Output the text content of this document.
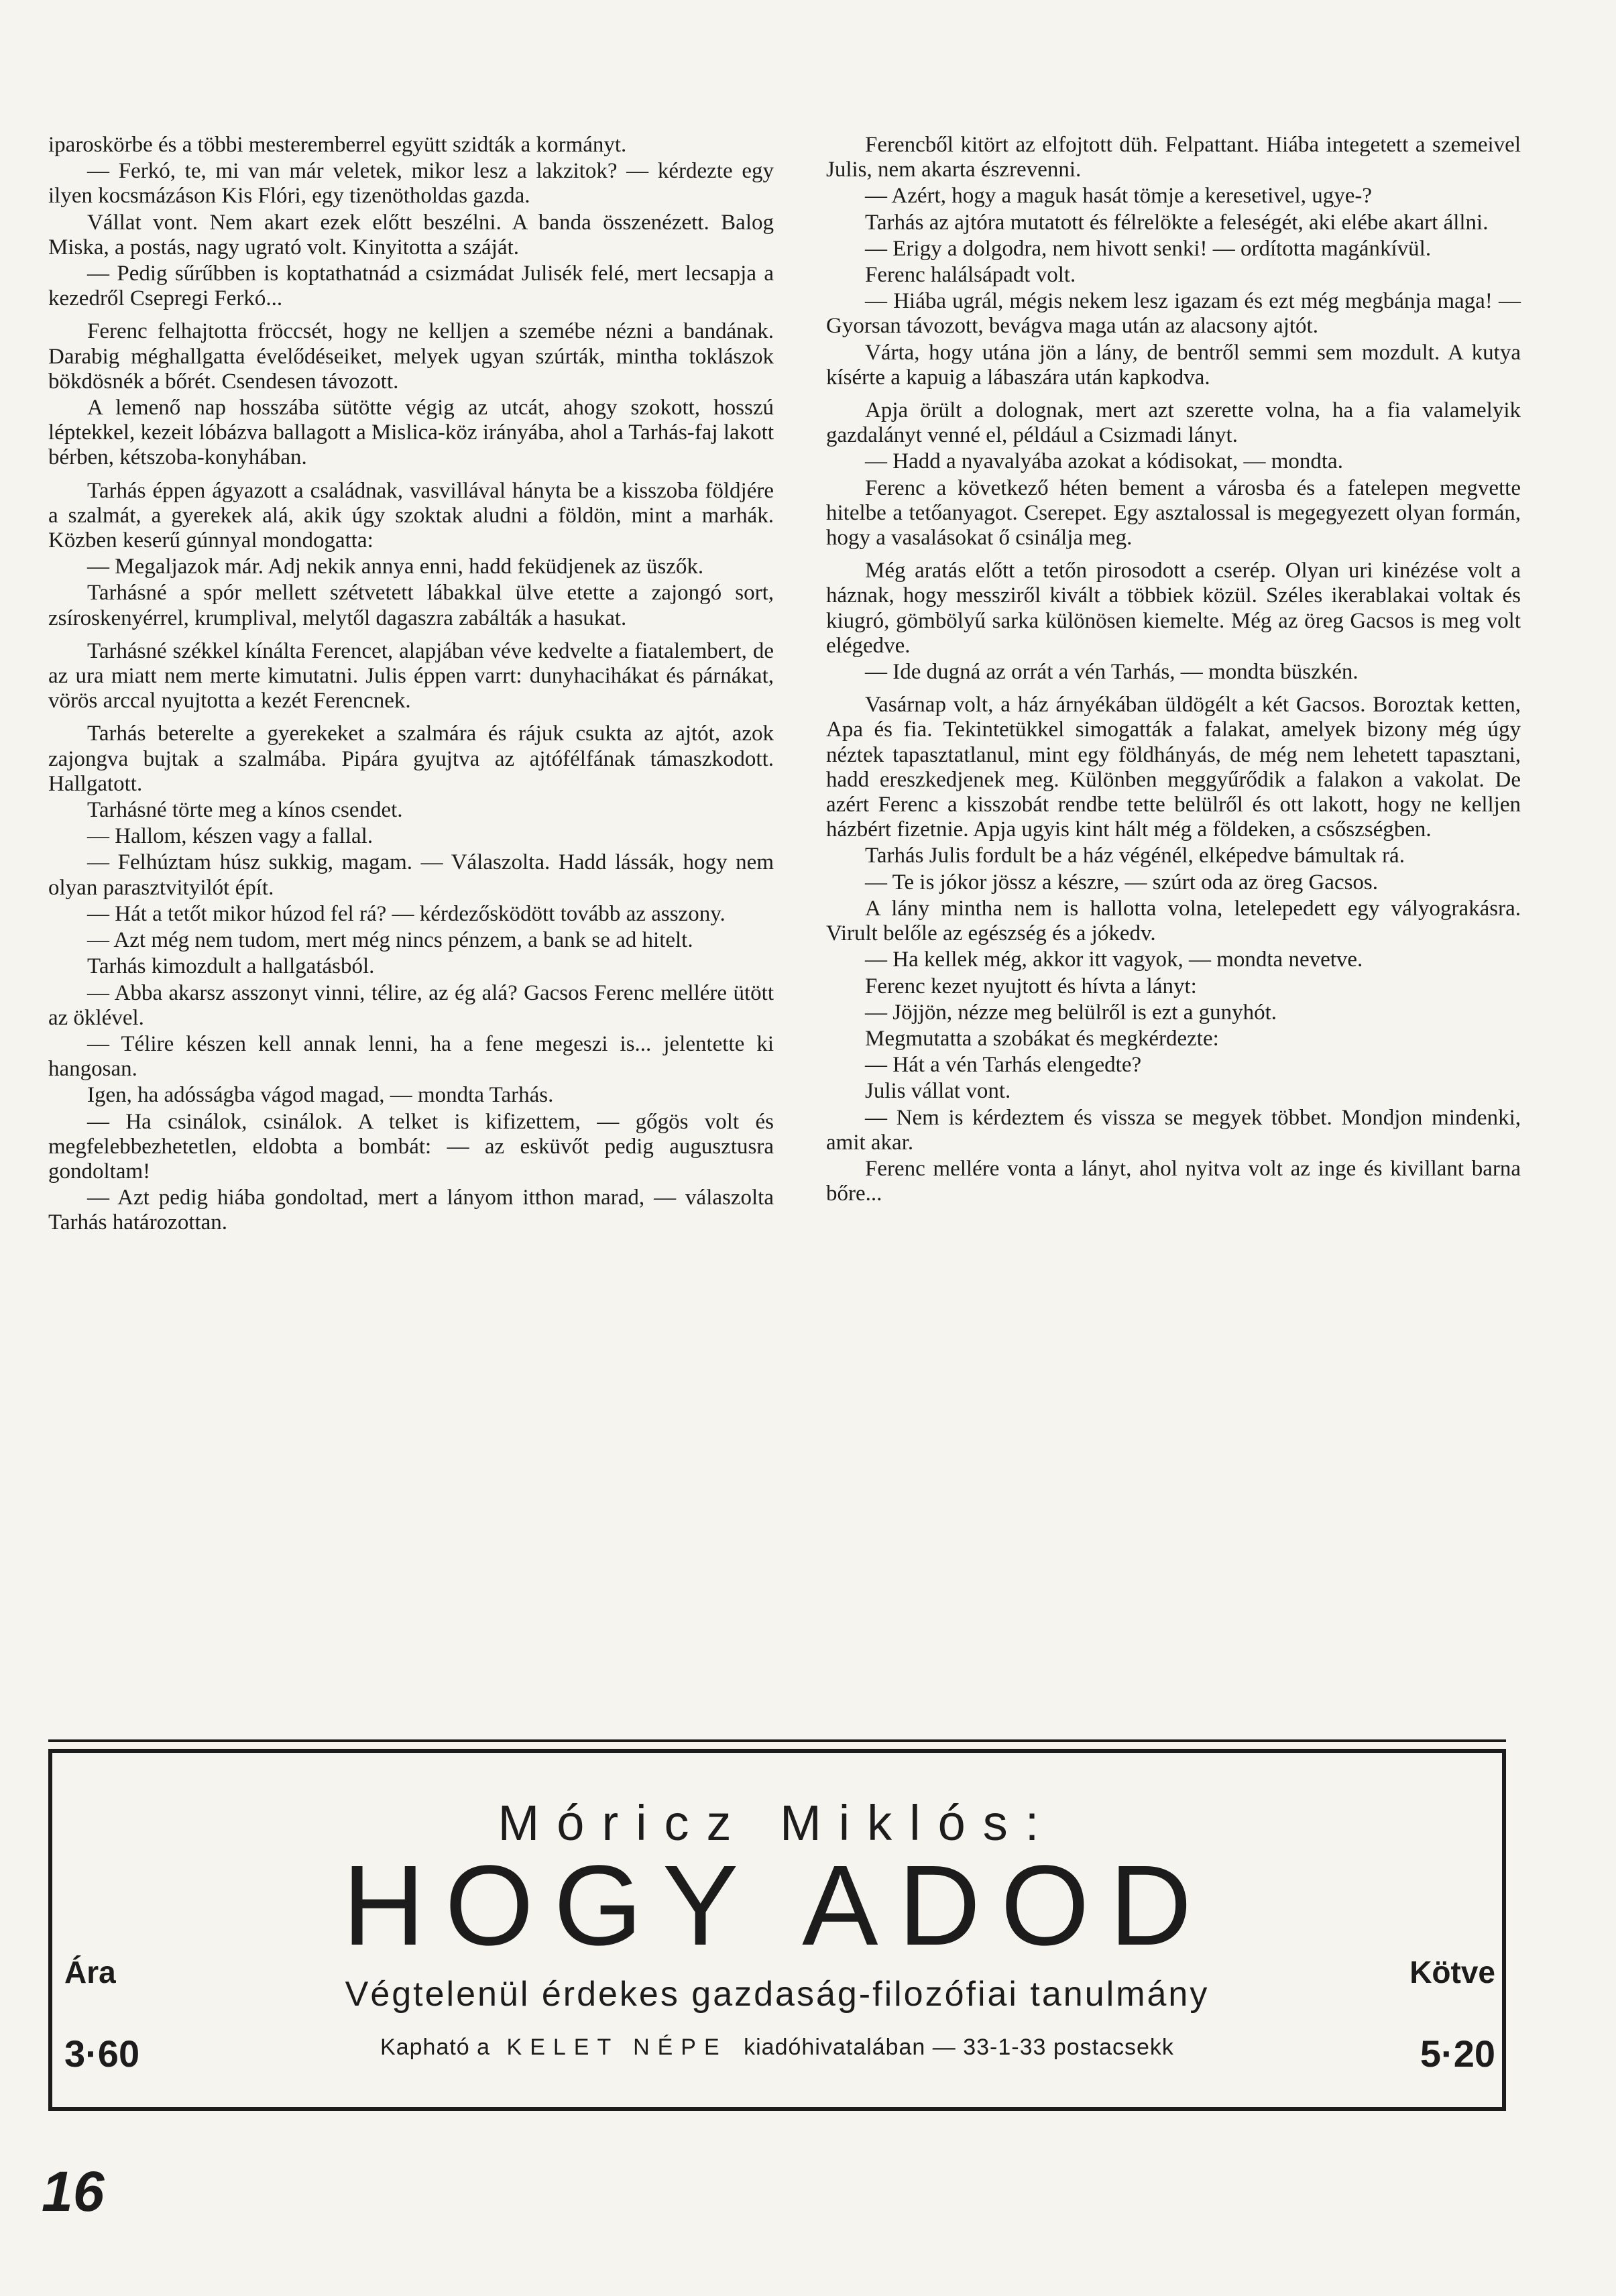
iparoskörbe és a többi mesteremberrel együtt szidták a kormányt.

— Ferkó, te, mi van már veletek, mikor lesz a lakzitok? — kérdezte egy ilyen kocsmázáson Kis Flóri, egy tizenötholdas gazda.

Vállat vont. Nem akart ezek előtt beszélni. A banda összenézett. Balog Miska, a postás, nagy ugrató volt. Kinyitotta a száját.

— Pedig sűrűbben is koptathatnád a csizmádat Julisék felé, mert lecsapja a kezedről Csepregi Ferkó...

Ferenc felhajtotta fröccsét, hogy ne kelljen a szemébe nézni a bandának. Darabig méghallgatta évelődéseiket, melyek ugyan szúrták, mintha toklászok bökdösnék a bőrét. Csendesen távozott.

A lemenő nap hosszába sütötte végig az utcát, ahogy szokott, hosszú léptekkel, kezeit lóbázva ballagott a Mislica-köz irányába, ahol a Tarhás-faj lakott bérben, kétszoba-konyhában.

Tarhás éppen ágyazott a családnak, vasvillával hányta be a kisszoba földjére a szalmát, a gyerekek alá, akik úgy szoktak aludni a földön, mint a marhák. Közben keserű gúnnyal mondogatta:

— Megaljazok már. Adj nekik annya enni, hadd feküdjenek az üszők.

Tarhásné a spór mellett szétvetett lábakkal ülve etette a zajongó sort, zsíroskenyérrel, krumplival, melytől dagaszra zabálták a hasukat.

Tarhásné székkel kínálta Ferencet, alapjában véve kedvelte a fiatalembert, de az ura miatt nem merte kimutatni. Julis éppen varrt: dunyhacihákat és párnákat, vörös arccal nyujtotta a kezét Ferencnek.

Tarhás beterelte a gyerekeket a szalmára és rájuk csukta az ajtót, azok zajongva bujtak a szalmába. Pipára gyujtva az ajtófélfának támaszkodott. Hallgatott.

Tarhásné törte meg a kínos csendet.

— Hallom, készen vagy a fallal.

— Felhúztam húsz sukkig, magam. — Válaszolta. Hadd lássák, hogy nem olyan parasztvityilót épít.

— Hát a tetőt mikor húzod fel rá? — kérdezősködött tovább az asszony.

— Azt még nem tudom, mert még nincs pénzem, a bank se ad hitelt.

Tarhás kimozdult a hallgatásból.

— Abba akarsz asszonyt vinni, télire, az ég alá? Gacsos Ferenc mellére ütött az öklével.

— Télire készen kell annak lenni, ha a fene megeszi is... jelentette ki hangosan.

Igen, ha adósságba vágod magad, — mondta Tarhás.

— Ha csinálok, csinálok. A telket is kifizettem, — gőgös volt és megfelebbezhetetlen, eldobta a bombát: — az esküvőt pedig augusztusra gondoltam!

— Azt pedig hiába gondoltad, mert a lányom itthon marad, — válaszolta Tarhás határozottan.

Ferencből kitört az elfojtott düh. Felpattant. Hiába integetett a szemeivel Julis, nem akarta észrevenni.

— Azért, hogy a maguk hasát tömje a keresetivel, ugye-?

Tarhás az ajtóra mutatott és félrelökte a feleségét, aki elébe akart állni.

— Erigy a dolgodra, nem hivott senki! — ordította magánkívül.

Ferenc halálsápadt volt.

— Hiába ugrál, mégis nekem lesz igazam és ezt még megbánja maga! — Gyorsan távozott, bevágva maga után az alacsony ajtót.

Várta, hogy utána jön a lány, de bentről semmi sem mozdult. A kutya kísérte a kapuig a lábaszára után kapkodva.

Apja örült a dolognak, mert azt szerette volna, ha a fia valamelyik gazdalányt venné el, például a Csizmadi lányt.

— Hadd a nyavalyába azokat a kódisokat, — mondta.

Ferenc a következő héten bement a városba és a fatelepen megvette hitelbe a tetőanyagot. Cserepet. Egy asztalossal is megegyezett olyan formán, hogy a vasalásokat ő csinálja meg.

Még aratás előtt a tetőn pirosodott a cserép. Olyan uri kinézése volt a háznak, hogy messziről kivált a többiek közül. Széles ikerablakai voltak és kiugró, gömbölyű sarka különösen kiemelte. Még az öreg Gacsos is meg volt elégedve.

— Ide dugná az orrát a vén Tarhás, — mondta büszkén.

Vasárnap volt, a ház árnyékában üldögélt a két Gacsos. Boroztak ketten, Apa és fia. Tekintetükkel simogatták a falakat, amelyek bizony még úgy néztek tapasztatlanul, mint egy földhányás, de még nem lehetett tapasztani, hadd ereszkedjenek meg. Különben meggyűrődik a falakon a vakolat. De azért Ferenc a kisszobát rendbe tette belülről és ott lakott, hogy ne kelljen házbért fizetnie. Apja ugyis kint hált még a földeken, a csőszségben.

Tarhás Julis fordult be a ház végénél, elképedve bámultak rá.

— Te is jókor jössz a készre, — szúrt oda az öreg Gacsos.

A lány mintha nem is hallotta volna, letelepedett egy vályograkásra. Virult belőle az egészség és a jókedv.

— Ha kellek még, akkor itt vagyok, — mondta nevetve.

Ferenc kezet nyujtott és hívta a lányt:

— Jöjjön, nézze meg belülről is ezt a gunyhót.

Megmutatta a szobákat és megkérdezte:

— Hát a vén Tarhás elengedte?

Julis vállat vont.

— Nem is kérdeztem és vissza se megyek többet. Mondjon mindenki, amit akar.

Ferenc mellére vonta a lányt, ahol nyitva volt az inge és kivillant barna bőre...

Móricz Miklós:
HOGY ADOD
Ára
3·60
Végtelenül érdekes gazdaság-filozófiai tanulmány
Kapható a KELET NÉPE kiadóhivatalában — 33-1-33 postacsekk
Kötve
5·20
16
